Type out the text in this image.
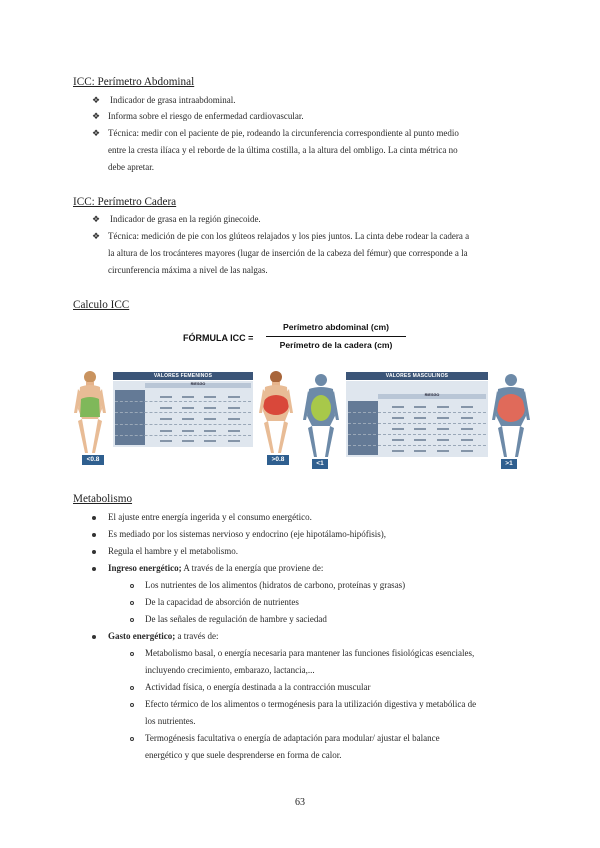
ICC: Perímetro Abdominal
❖ Indicador de grasa intraabdominal.
❖ Informa sobre el riesgo de enfermedad cardiovascular.
❖ Técnica: medir con el paciente de pie, rodeando la circunferencia correspondiente al punto medio
entre la cresta ilíaca y el reborde de la última costilla, a la altura del ombligo. La cinta métrica no
debe apretar.
ICC: Perímetro Cadera
❖ Indicador de grasa en la región ginecoide.
❖ Técnica: medición de pie con los glúteos relajados y los pies juntos. La cinta debe rodear la cadera a
la altura de los trocánteres mayores (lugar de inserción de la cabeza del fémur) que corresponde a la
circunferencia máxima a nivel de las nalgas.
Calculo ICC
FÓRMULA ICC =
Perímetro abdominal (cm)
Perímetro de la cadera (cm)
VALORES FEMENINOS
RIESGO
VALORES MASCULINOS
RIESGO
<0.8	>0.8
<1	>1
Metabolismo
El ajuste entre energía ingerida y el consumo energético.
Es mediado por los sistemas nervioso y endocrino (eje hipotálamo-hipófisis),
Regula el hambre y el metabolismo.
Ingreso energético; A través de la energía que proviene de:
Los nutrientes de los alimentos (hidratos de carbono, proteínas y grasas)
De la capacidad de absorción de nutrientes
De las señales de regulación de hambre y saciedad
Gasto energético; a través de:
Metabolismo basal, o energía necesaria para mantener las funciones fisiológicas esenciales,
incluyendo crecimiento, embarazo, lactancia,...
Actividad física, o energía destinada a la contracción muscular
Efecto térmico de los alimentos o termogénesis para la utilización digestiva y metabólica de
los nutrientes.
Termogénesis facultativa o energía de adaptación para modular/ ajustar el balance
energético y que suele desprenderse en forma de calor.
63
